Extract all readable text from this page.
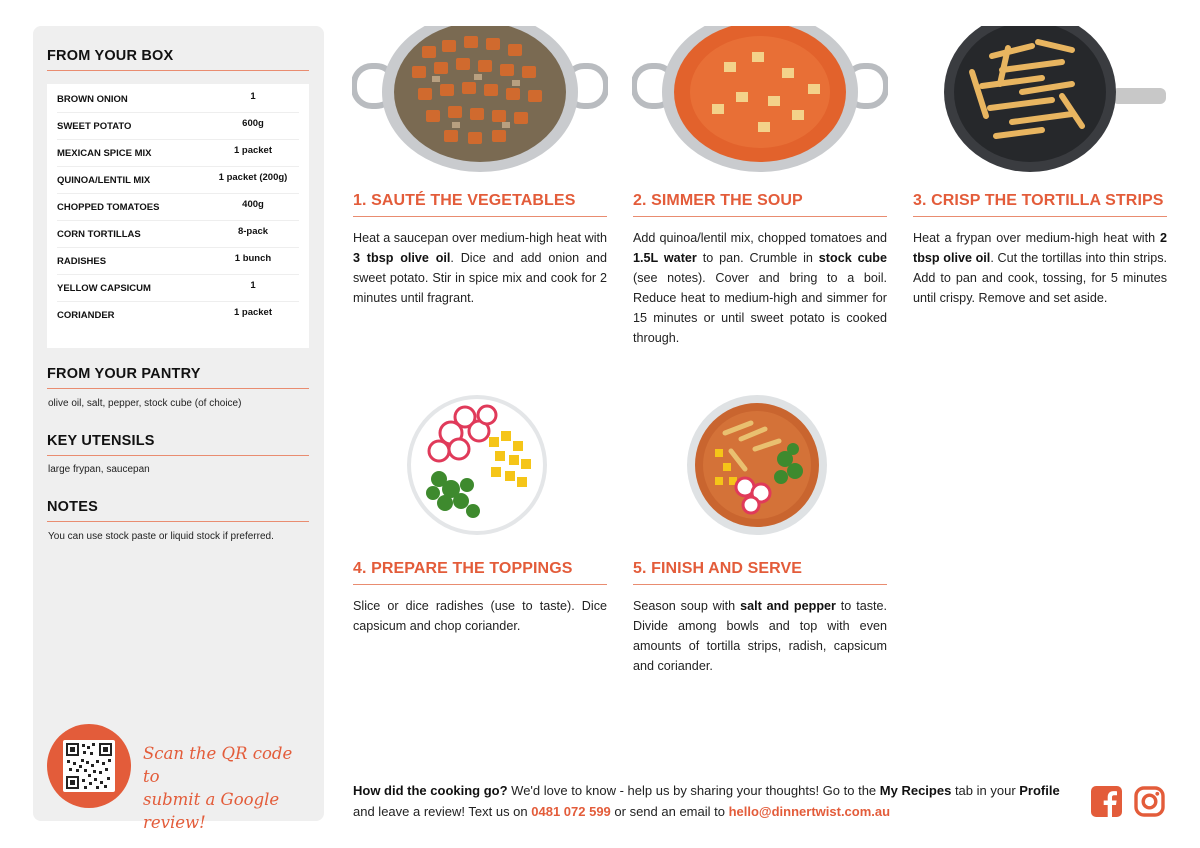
FROM YOUR BOX
BROWN ONION	1
SWEET POTATO	600g
MEXICAN SPICE MIX	1 packet
QUINOA/LENTIL MIX	1 packet (200g)
CHOPPED TOMATOES	400g
CORN TORTILLAS	8-pack
RADISHES	1 bunch
YELLOW CAPSICUM	1
CORIANDER	1 packet
FROM YOUR PANTRY
olive oil, salt, pepper, stock cube (of choice)
KEY UTENSILS
large frypan, saucepan
NOTES
You can use stock paste or liquid stock if preferred.
Scan the QR code to
submit a Google review!
1. SAUTÉ THE VEGETABLES
Heat a saucepan over medium-high heat with 3 tbsp olive oil. Dice and add onion and sweet potato. Stir in spice mix and cook for 2 minutes until fragrant.
2. SIMMER THE SOUP
Add quinoa/lentil mix, chopped tomatoes and 1.5L water to pan. Crumble in stock cube (see notes). Cover and bring to a boil. Reduce heat to medium-high and simmer for 15 minutes or until sweet potato is cooked through.
3. CRISP THE TORTILLA STRIPS
Heat a frypan over medium-high heat with 2 tbsp olive oil. Cut the tortillas into thin strips. Add to pan and cook, tossing, for 5 minutes until crispy. Remove and set aside.
4. PREPARE THE TOPPINGS
Slice or dice radishes (use to taste). Dice capsicum and chop coriander.
5. FINISH AND SERVE
Season soup with salt and pepper to taste. Divide among bowls and top with even amounts of tortilla strips, radish, capsicum and coriander.
How did the cooking go? We'd love to know - help us by sharing your thoughts! Go to the My Recipes tab in your Profile and leave a review! Text us on 0481 072 599 or send an email to hello@dinnertwist.com.au
